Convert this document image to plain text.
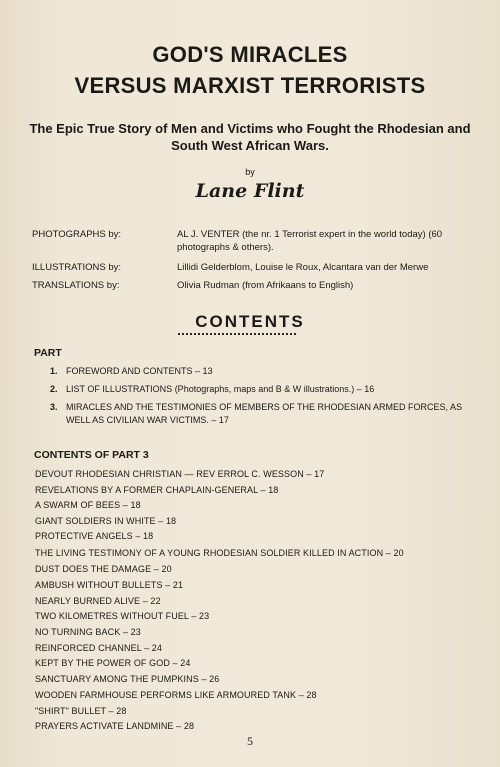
GOD'S MIRACLES
VERSUS MARXIST TERRORISTS
The Epic True Story of Men and Victims who Fought the Rhodesian and South West African Wars.
by
Lane Flint
PHOTOGRAPHS by:	AL J. VENTER (the nr. 1 Terrorist expert in the world today) (60 photographs & others).
ILLUSTRATIONS by:	Lillidi Gelderblom, Louise le Roux, Alcantara van der Merwe
TRANSLATIONS by:	Olivia Rudman (from Afrikaans to English)
CONTENTS
PART
1. FOREWORD AND CONTENTS – 13
2. LIST OF ILLUSTRATIONS (Photographs, maps and B & W illustrations.) – 16
3. MIRACLES AND THE TESTIMONIES OF MEMBERS OF THE RHODESIAN ARMED FORCES, AS WELL AS CIVILIAN WAR VICTIMS. – 17
CONTENTS OF PART 3
DEVOUT RHODESIAN CHRISTIAN — REV ERROL C. WESSON – 17
REVELATIONS BY A FORMER CHAPLAIN-GENERAL – 18
A SWARM OF BEES – 18
GIANT SOLDIERS IN WHITE – 18
PROTECTIVE ANGELS – 18
THE LIVING TESTIMONY OF A YOUNG RHODESIAN SOLDIER KILLED IN ACTION – 20
DUST DOES THE DAMAGE – 20
AMBUSH WITHOUT BULLETS – 21
NEARLY BURNED ALIVE – 22
TWO KILOMETRES WITHOUT FUEL – 23
NO TURNING BACK – 23
REINFORCED CHANNEL – 24
KEPT BY THE POWER OF GOD – 24
SANCTUARY AMONG THE PUMPKINS – 26
WOODEN FARMHOUSE PERFORMS LIKE ARMOURED TANK – 28
"SHIRT" BULLET – 28
PRAYERS ACTIVATE LANDMINE – 28
5
